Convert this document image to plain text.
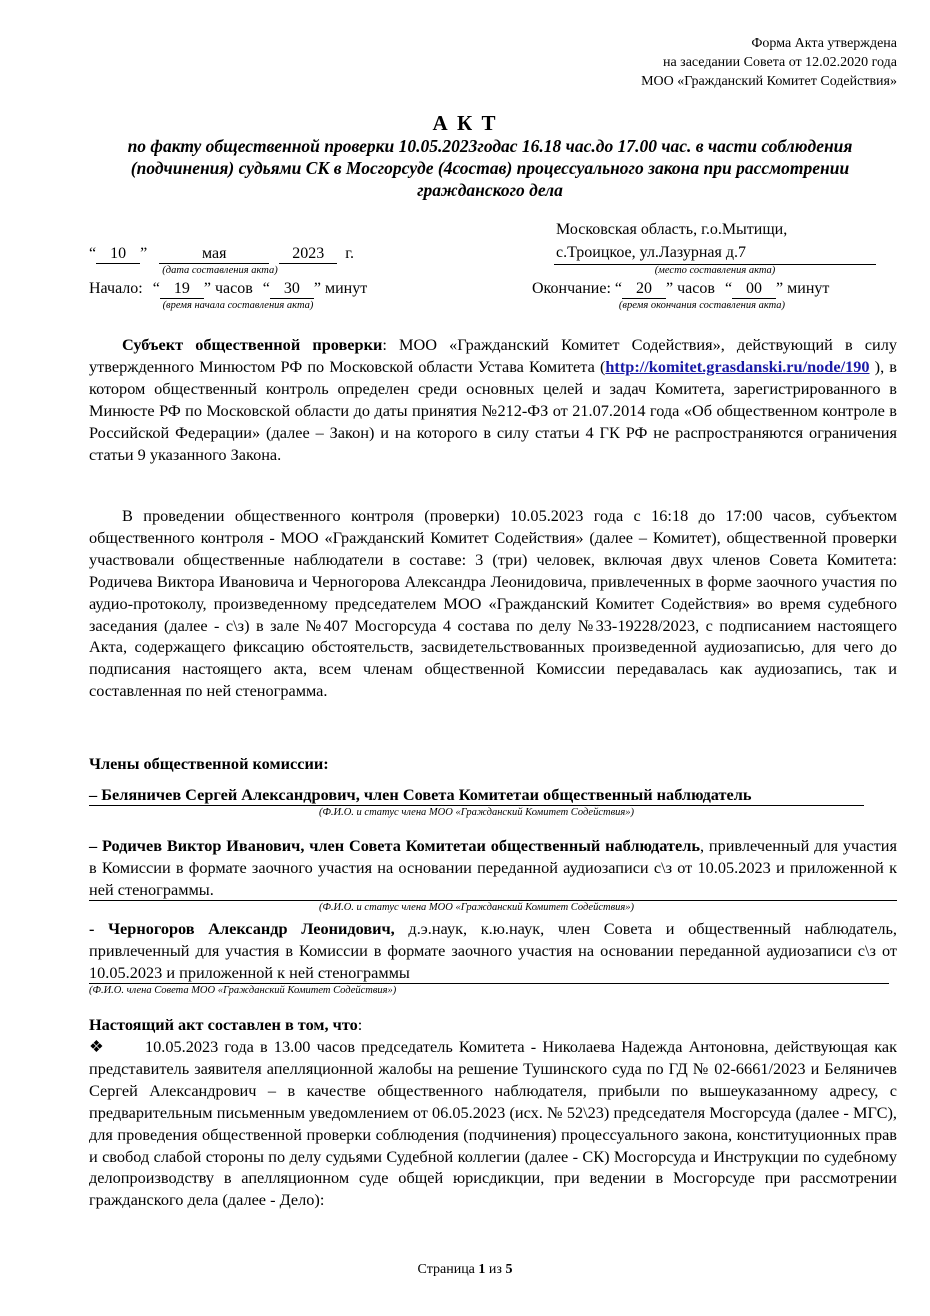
Форма Акта утверждена
на заседании Совета от 12.02.2020 года
МОО «Гражданский Комитет Содействия»
А К Т
по факту общественной проверки 10.05.2023годас 16.18 час.до 17.00 час. в части соблюдения (подчинения) судьями СК в Мосгорсуде (4состав) процессуального закона при рассмотрении гражданского дела
Московская область, г.о.Мытищи,
с.Троицкое, ул.Лазурная д.7
(место составления акта)
“ 10 ”	мая	2023 г.
(дата составления акта)
Начало: “ 19 ” часов “ 30 ” минут
(время начала составления акта)
Окончание: “ 20 ” часов “ 00 ” минут
(время окончания составления акта)
Субъект общественной проверки: МОО «Гражданский Комитет Содействия», действующий в силу утвержденного Минюстом РФ по Московской области Устава Комитета (http://komitet.grasdanski.ru/node/190 ), в котором общественный контроль определен среди основных целей и задач Комитета, зарегистрированного в Минюсте РФ по Московской области до даты принятия №212-ФЗ от 21.07.2014 года «Об общественном контроле в Российской Федерации» (далее – Закон) и на которого в силу статьи 4 ГК РФ не распространяются ограничения статьи 9 указанного Закона.
В проведении общественного контроля (проверки) 10.05.2023 года с 16:18 до 17:00 часов, субъектом общественного контроля - МОО «Гражданский Комитет Содействия» (далее – Комитет), общественной проверки участвовали общественные наблюдатели в составе: 3 (три) человек, включая двух членов Совета Комитета: Родичева Виктора Ивановича и Черногорова Александра Леонидовича, привлеченных в форме заочного участия по аудио-протоколу, произведенному председателем МОО «Гражданский Комитет Содействия» во время судебного заседания (далее - с\з) в зале №407 Мосгорсуда 4 состава по делу №33-19228/2023, с подписанием настоящего Акта, содержащего фиксацию обстоятельств, засвидетельствованных произведенной аудиозаписью, для чего до подписания настоящего акта, всем членам общественной Комиссии передавалась как аудиозапись, так и составленная по ней стенограмма.
Члены общественной комиссии:
– Беляничев Сергей Александрович, член Совета Комитетаи общественный наблюдатель
(Ф.И.О. и статус члена МОО «Гражданский Комитет Содействия»)
– Родичев Виктор Иванович, член Совета Комитетаи общественный наблюдатель, привлеченный для участия в Комиссии в формате заочного участия на основании переданной аудиозаписи с\з от 10.05.2023 и приложенной к ней стенограммы.
(Ф.И.О. и статус члена МОО «Гражданский Комитет Содействия»)
- Черногоров Александр Леонидович, д.э.наук, к.ю.наук, член Совета и общественный наблюдатель, привлеченный для участия в Комиссии в формате заочного участия на основании переданной аудиозаписи с\з от 10.05.2023 и приложенной к ней стенограммы
(Ф.И.О. члена Совета МОО «Гражданский Комитет Содействия»)
Настоящий акт составлен в том, что:
❖	10.05.2023 года в 13.00 часов председатель Комитета - Николаева Надежда Антоновна, действующая как представитель заявителя апелляционной жалобы на решение Тушинского суда по ГД № 02-6661/2023 и Беляничев Сергей Александрович – в качестве общественного наблюдателя, прибыли по вышеуказанному адресу, с предварительным письменным уведомлением от 06.05.2023 (исх. № 52\23) председателя Мосгорсуда (далее - МГС), для проведения общественной проверки соблюдения (подчинения) процессуального закона, конституционных прав и свобод слабой стороны по делу судьями Судебной коллегии (далее - СК) Мосгорсуда и Инструкции по судебному делопроизводству в апелляционном суде общей юрисдикции, при ведении в Мосгорсуде при рассмотрении гражданского дела (далее - Дело):
Страница 1 из 5
